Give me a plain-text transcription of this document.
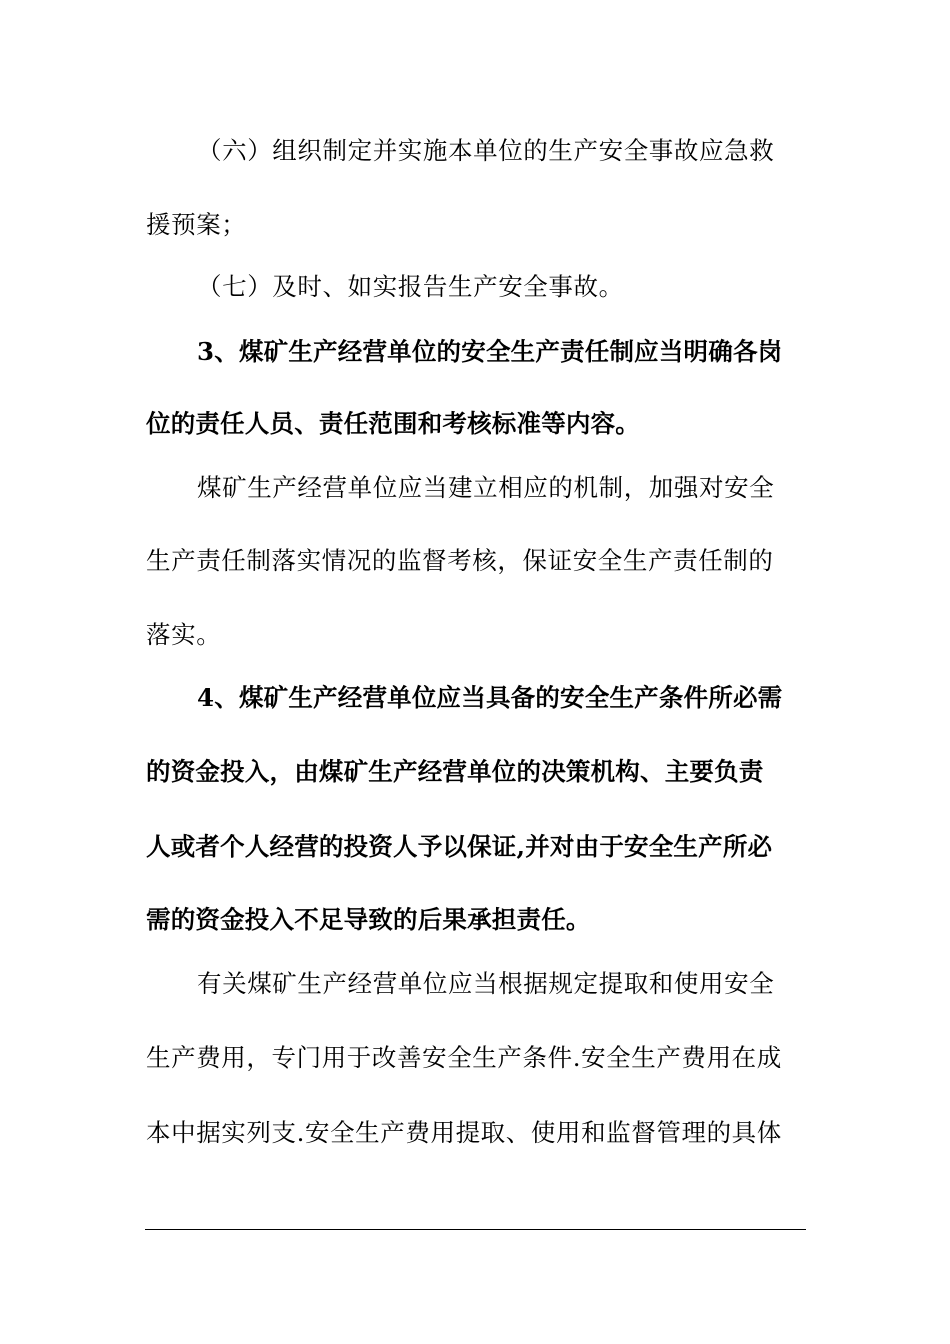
（六）组织制定并实施本单位的生产安全事故应急救
援预案；
（七）及时、如实报告生产安全事故。
3、煤矿生产经营单位的安全生产责任制应当明确各岗
位的责任人员、责任范围和考核标准等内容。
煤矿生产经营单位应当建立相应的机制，加强对安全
生产责任制落实情况的监督考核，保证安全生产责任制的
落实。
4、煤矿生产经营单位应当具备的安全生产条件所必需
的资金投入，由煤矿生产经营单位的决策机构、主要负责
人或者个人经营的投资人予以保证,并对由于安全生产所必
需的资金投入不足导致的后果承担责任。
有关煤矿生产经营单位应当根据规定提取和使用安全
生产费用，专门用于改善安全生产条件.安全生产费用在成
本中据实列支.安全生产费用提取、使用和监督管理的具体
